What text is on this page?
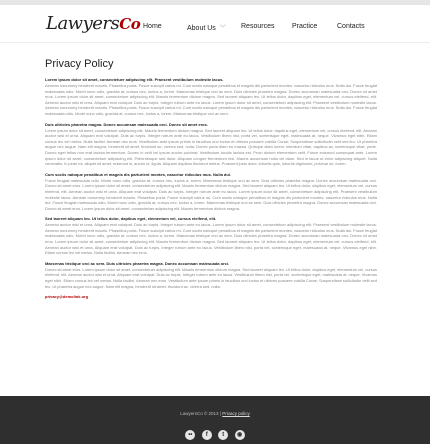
LawyersCo Home	About Us ﹀ Resources	Practice	Contacts
Privacy Policy
Lorem ipsum dolor sit amet, consectetuer adipiscing elit. Praesent vestibulum molestie lacus.
Aenean nonummy hendrerit mauris. Phasellus porta. Fusce suscipit varius mi. Cum sociis natoque penatibus et magnis dis parturient montes, nascetur ridiculus mus. Nulla dui. Fusce feugiat malesuada odio. Morbi nunc odio, gravida at, cursus nec, luctus a, lorem. Maecenas tristique orci ac sem. Duis ultricies pharetra magna. Donec accumsan malesuada orci. Donec sit amet eros. Lorem ipsum dolor sit amet, consectetuer adipiscing elit. Mauris fermentum dictum magna. Sed laoreet aliquam leo. Ut tellus dolor, dapibus eget, elementum vel, cursus eleifend, elit. Aenean auctor wisi et urna. Aliquam erat volutpat. Duis ac turpis. Integer rutrum ante eu lacus. Lorem ipsum dolor sit amet, consectetuer adipiscing elit. Praesent vestibulum molestie lacus. Aenean nonummy hendrerit mauris. Phasellus porta. Fusce suscipit varius mi. Cum sociis natoque penatibus et magnis dis parturient montes, nascetur ridiculus mus. Nulla dui. Fusce feugiat malesuada odio. Morbi nunc odio, gravida at, cursus nec, luctus a, lorem. Maecenas tristique orci ac sem.
Duis ultricies pharetra magna. Donec accumsan malesuada orci. Donec sit amet eros.
Lorem ipsum dolor sit amet, consectetuer adipiscing elit. Mauris fermentum dictum magna. Sed laoreet aliquam leo. Ut tellus dolor, dapibus eget, elementum vel, cursus eleifend, elit. Aenean auctor wisi et urna. Aliquam erat volutpat. Duis ac turpis. Integer rutrum ante eu lacus. Vestibulum libero nisl, porta vel, scelerisque eget, malesuada at, neque. Vivamus eget nibh. Etiam cursus leo vel metus. Nulla facilisi. Aenean nec eros. Vestibulum ante ipsum primis in faucibus orci luctus et ultrices posuere cubilia Curae; Suspendisse sollicitudin velit sed leo. Ut pharetra augue nec augue. Nam elit magna, hendrerit sit amet, tincidunt ac, viverra sed, nulla. Donec porta diam eu massa. Quisque diam lorem, interdum vitae, dapibus ac, scelerisque vitae, pede. Donec eget tellus non erat lacinia fermentum. Donec in velit vel ipsum auctor pulvinar. Vestibulum iaculis lacinia est. Proin dictum elementum velit. Fusce euismod consequat ante. Lorem ipsum dolor sit amet, consectetuer adipiscing elit. Pellentesque sed dolor. Aliquam congue fermentum nisl. Mauris accumsan nulla vel diam. Sed in lacus ut enim adipiscing aliquet. Nulla venenatis. In pede mi, aliquet sit amet, euismod in, auctor ut, ligula. Aliquam dapibus tincidunt metus. Praesent justo dolor, lobortis quis, lobortis dignissim, pulvinar ac, lorem.
Cum sociis natoque penatibus et magnis dis parturient montes, nascetur ridiculus mus. Nulla dui.
Fusce feugiat malesuada odio. Morbi nunc odio, gravida at, cursus nec, luctus a, lorem. Maecenas tristique orci ac sem. Duis ultricies pharetra magna. Donec accumsan malesuada orci. Donec sit amet eros. Lorem ipsum dolor sit amet, consectetuer adipiscing elit. Mauris fermentum dictum magna. Sed laoreet aliquam leo. Ut tellus dolor, dapibus eget, elementum vel, cursus eleifend, elit. Aenean auctor wisi et urna. Aliquam erat volutpat. Duis ac turpis. Integer rutrum ante eu lacus. Lorem ipsum dolor sit amet, consectetuer adipiscing elit. Praesent vestibulum molestie lacus. Aenean nonummy hendrerit mauris. Phasellus porta. Fusce suscipit varius mi. Cum sociis natoque penatibus et magnis dis parturient montes, nascetur ridiculus mus. Nulla dui. Fusce feugiat malesuada odio. Morbi nunc odio, gravida at, cursus nec, luctus a, lorem. Maecenas tristique orci ac sem. Duis ultricies pharetra magna. Donec accumsan malesuada orci. Donec sit amet eros. Lorem ipsum dolor sit amet, consectetuer adipiscing elit. Mauris fermentum dictum magna.
Sed laoreet aliquam leo. Ut tellus dolor, dapibus eget, elementum vel, cursus eleifend, elit.
Aenean auctor wisi et urna. Aliquam erat volutpat. Duis ac turpis. Integer rutrum ante eu lacus. Lorem ipsum dolor sit amet, consectetuer adipiscing elit. Praesent vestibulum molestie lacus. Aenean nonummy hendrerit mauris. Phasellus porta. Fusce suscipit varius mi. Cum sociis natoque penatibus et magnis dis parturient montes, nascetur ridiculus mus. Nulla dui. Fusce feugiat malesuada odio. Morbi nunc odio, gravida at, cursus nec, luctus a, lorem. Maecenas tristique orci ac sem. Duis ultricies pharetra magna. Donec accumsan malesuada orci. Donec sit amet eros. Lorem ipsum dolor sit amet, consectetuer adipiscing elit. Mauris fermentum dictum magna. Sed laoreet aliquam leo. Ut tellus dolor, dapibus eget, elementum vel, cursus eleifend, elit. Aenean auctor wisi et urna. Aliquam erat volutpat. Duis ac turpis. Integer rutrum ante eu lacus. Vestibulum libero nisl, porta vel, scelerisque eget, malesuada at, neque. Vivamus eget nibh. Etiam cursus leo vel metus. Nulla facilisi. Aenean nec eros.
Maecenas tristique orci ac sem. Duis ultricies pharetra magna. Donec accumsan malesuada orci.
Donec sit amet eros. Lorem ipsum dolor sit amet, consectetuer adipiscing elit. Mauris fermentum dictum magna. Sed laoreet aliquam leo. Ut tellus dolor, dapibus eget, elementum vel, cursus eleifend, elit. Aenean auctor wisi et urna. Aliquam erat volutpat. Duis ac turpis. Integer rutrum ante eu lacus. Vestibulum libero nisl, porta vel, scelerisque eget, malesuada at, neque. Vivamus eget nibh. Etiam cursus leo vel metus. Nulla facilisi. Aenean nec eros. Vestibulum ante ipsum primis in faucibus orci luctus et ultrices posuere cubilia Curae; Suspendisse sollicitudin velit sed leo. Ut pharetra augue nec augue. Nam elit magna, hendrerit sit amet, tincidunt ac, viverra sed, nulla.
privacy@demolink.org
LawyersCo © 2013 | Privacy policy
•• f t ◉
